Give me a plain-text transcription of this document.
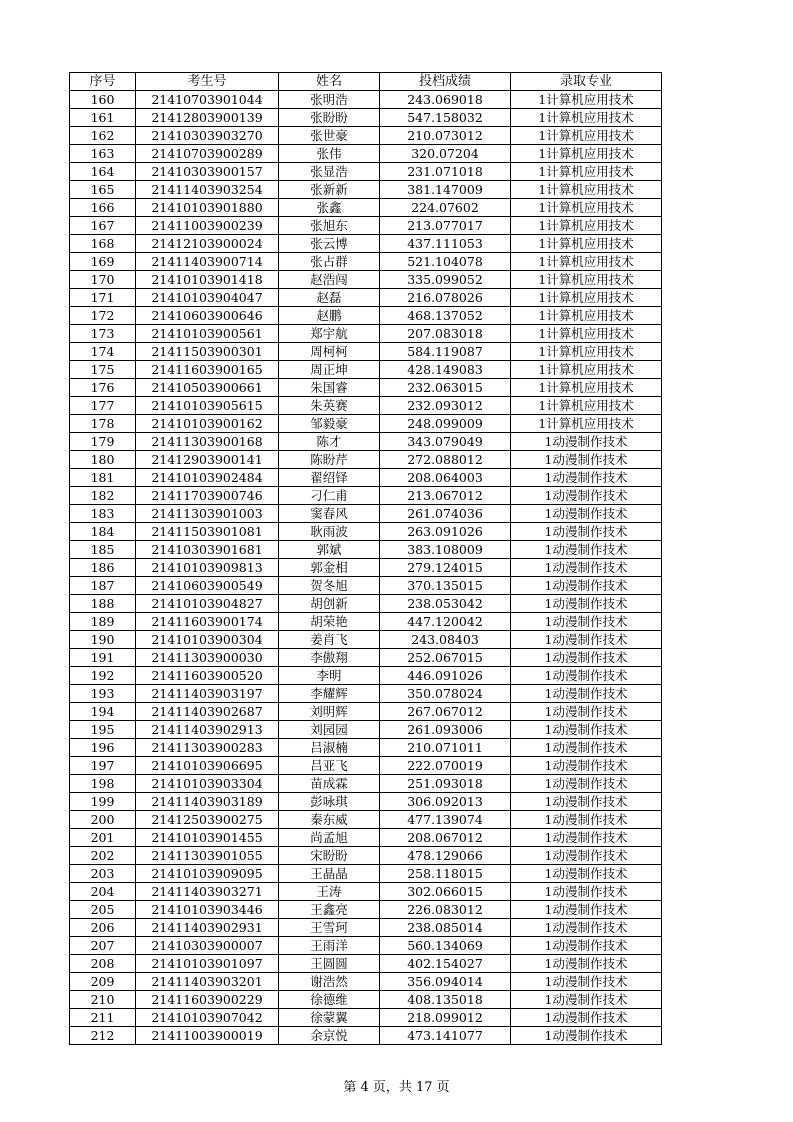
序号	考生号	姓名	投档成绩	录取专业
160	21410703901044	张明浩	243.069018	1计算机应用技术
161	21412803900139	张盼盼	547.158032	1计算机应用技术
162	21410303903270	张世豪	210.073012	1计算机应用技术
163	21410703900289	张伟	320.07204	1计算机应用技术
164	21410303900157	张显浩	231.071018	1计算机应用技术
165	21411403903254	张新新	381.147009	1计算机应用技术
166	21410103901880	张鑫	224.07602	1计算机应用技术
167	21411003900239	张旭东	213.077017	1计算机应用技术
168	21412103900024	张云博	437.111053	1计算机应用技术
169	21411403900714	张占群	521.104078	1计算机应用技术
170	21410103901418	赵浩闯	335.099052	1计算机应用技术
171	21410103904047	赵磊	216.078026	1计算机应用技术
172	21410603900646	赵鹏	468.137052	1计算机应用技术
173	21410103900561	郑宇航	207.083018	1计算机应用技术
174	21411503900301	周柯柯	584.119087	1计算机应用技术
175	21411603900165	周正坤	428.149083	1计算机应用技术
176	21410503900661	朱国睿	232.063015	1计算机应用技术
177	21410103905615	朱英赛	232.093012	1计算机应用技术
178	21410103900162	邹毅豪	248.099009	1计算机应用技术
179	21411303900168	陈才	343.079049	1动漫制作技术
180	21412903900141	陈盼芹	272.088012	1动漫制作技术
181	21410103902484	翟绍铎	208.064003	1动漫制作技术
182	21411703900746	刁仁甫	213.067012	1动漫制作技术
183	21411303901003	窦春风	261.074036	1动漫制作技术
184	21411503901081	耿雨波	263.091026	1动漫制作技术
185	21410303901681	郭斌	383.108009	1动漫制作技术
186	21410103909813	郭金相	279.124015	1动漫制作技术
187	21410603900549	贺冬旭	370.135015	1动漫制作技术
188	21410103904827	胡创新	238.053042	1动漫制作技术
189	21411603900174	胡荣艳	447.120042	1动漫制作技术
190	21410103900304	姜肖飞	243.08403	1动漫制作技术
191	21411303900030	李傲翔	252.067015	1动漫制作技术
192	21411603900520	李明	446.091026	1动漫制作技术
193	21411403903197	李耀辉	350.078024	1动漫制作技术
194	21411403902687	刘明辉	267.067012	1动漫制作技术
195	21411403902913	刘园园	261.093006	1动漫制作技术
196	21411303900283	吕淑楠	210.071011	1动漫制作技术
197	21410103906695	吕亚飞	222.070019	1动漫制作技术
198	21410103903304	苗成霖	251.093018	1动漫制作技术
199	21411403903189	彭咏琪	306.092013	1动漫制作技术
200	21412503900275	秦东威	477.139074	1动漫制作技术
201	21410103901455	尚孟旭	208.067012	1动漫制作技术
202	21411303901055	宋盼盼	478.129066	1动漫制作技术
203	21410103909095	王晶晶	258.118015	1动漫制作技术
204	21411403903271	王涛	302.066015	1动漫制作技术
205	21410103903446	王鑫亮	226.083012	1动漫制作技术
206	21411403902931	王雪珂	238.085014	1动漫制作技术
207	21410303900007	王雨洋	560.134069	1动漫制作技术
208	21410103901097	王圆圆	402.154027	1动漫制作技术
209	21411403903201	谢浩然	356.094014	1动漫制作技术
210	21411603900229	徐德维	408.135018	1动漫制作技术
211	21410103907042	徐蒙翼	218.099012	1动漫制作技术
212	21411003900019	余京悦	473.141077	1动漫制作技术
第 4 页，共 17 页
